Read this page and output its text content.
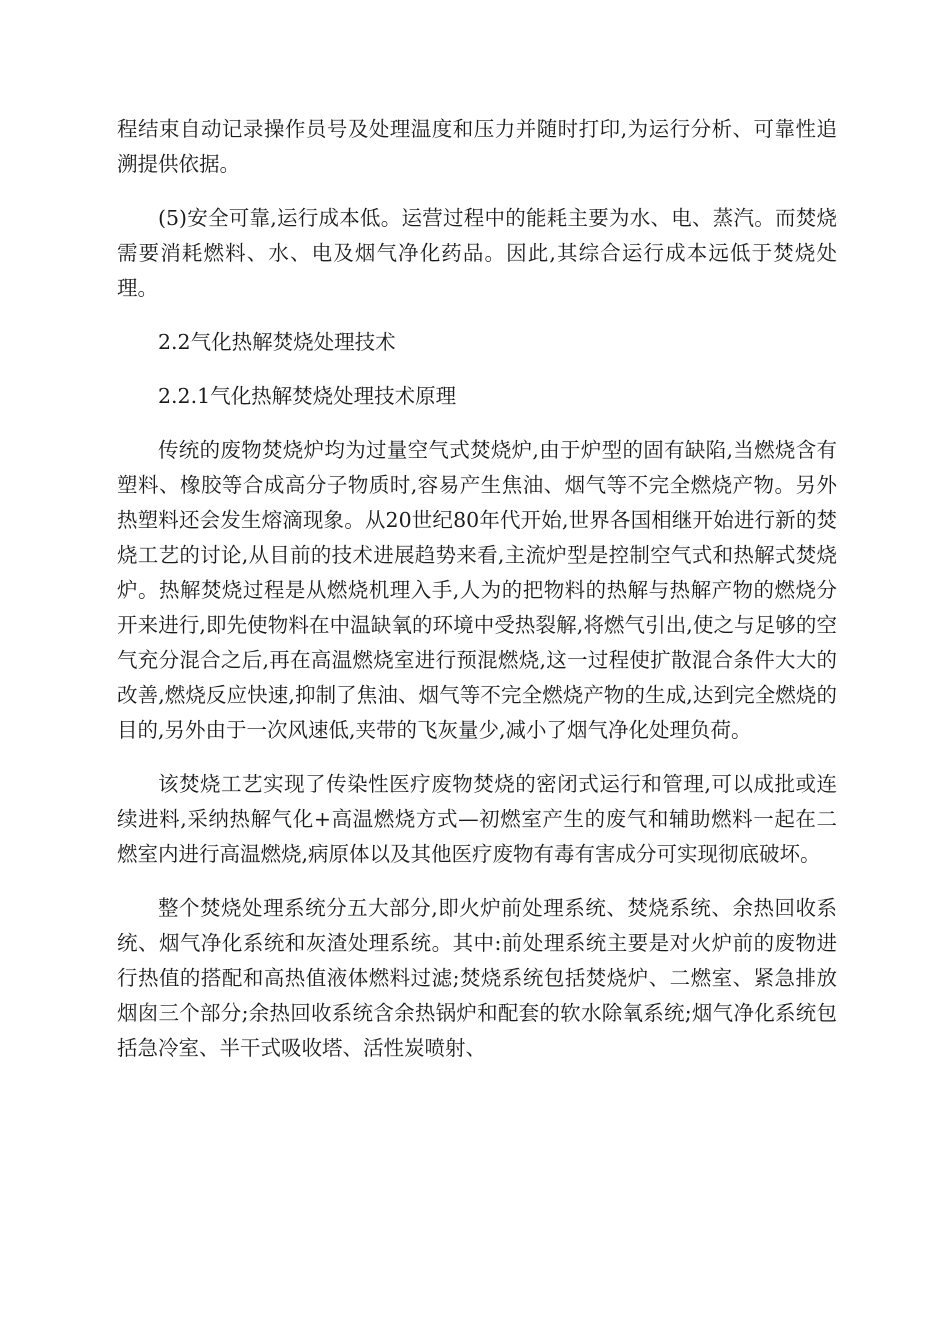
程结束自动记录操作员号及处理温度和压力并随时打印,为运行分析、可靠性追溯提供依据。

(5)安全可靠,运行成本低。运营过程中的能耗主要为水、电、蒸汽。而焚烧需要消耗燃料、水、电及烟气净化药品。因此,其综合运行成本远低于焚烧处理。

2.2气化热解焚烧处理技术

2.2.1气化热解焚烧处理技术原理

传统的废物焚烧炉均为过量空气式焚烧炉,由于炉型的固有缺陷,当燃烧含有塑料、橡胶等合成高分子物质时,容易产生焦油、烟气等不完全燃烧产物。另外热塑料还会发生熔滴现象。从20世纪80年代开始,世界各国相继开始进行新的焚烧工艺的讨论,从目前的技术进展趋势来看,主流炉型是控制空气式和热解式焚烧炉。热解焚烧过程是从燃烧机理入手,人为的把物料的热解与热解产物的燃烧分开来进行,即先使物料在中温缺氧的环境中受热裂解,将燃气引出,使之与足够的空气充分混合之后,再在高温燃烧室进行预混燃烧,这一过程使扩散混合条件大大的改善,燃烧反应快速,抑制了焦油、烟气等不完全燃烧产物的生成,达到完全燃烧的目的,另外由于一次风速低,夹带的飞灰量少,减小了烟气净化处理负荷。

该焚烧工艺实现了传染性医疗废物焚烧的密闭式运行和管理,可以成批或连续进料,采纳热解气化+高温燃烧方式—初燃室产生的废气和辅助燃料一起在二燃室内进行高温燃烧,病原体以及其他医疗废物有毒有害成分可实现彻底破坏。

整个焚烧处理系统分五大部分,即火炉前处理系统、焚烧系统、余热回收系统、烟气净化系统和灰渣处理系统。其中:前处理系统主要是对火炉前的废物进行热值的搭配和高热值液体燃料过滤;焚烧系统包括焚烧炉、二燃室、紧急排放烟囱三个部分;余热回收系统含余热锅炉和配套的软水除氧系统;烟气净化系统包括急冷室、半干式吸收塔、活性炭喷射、
